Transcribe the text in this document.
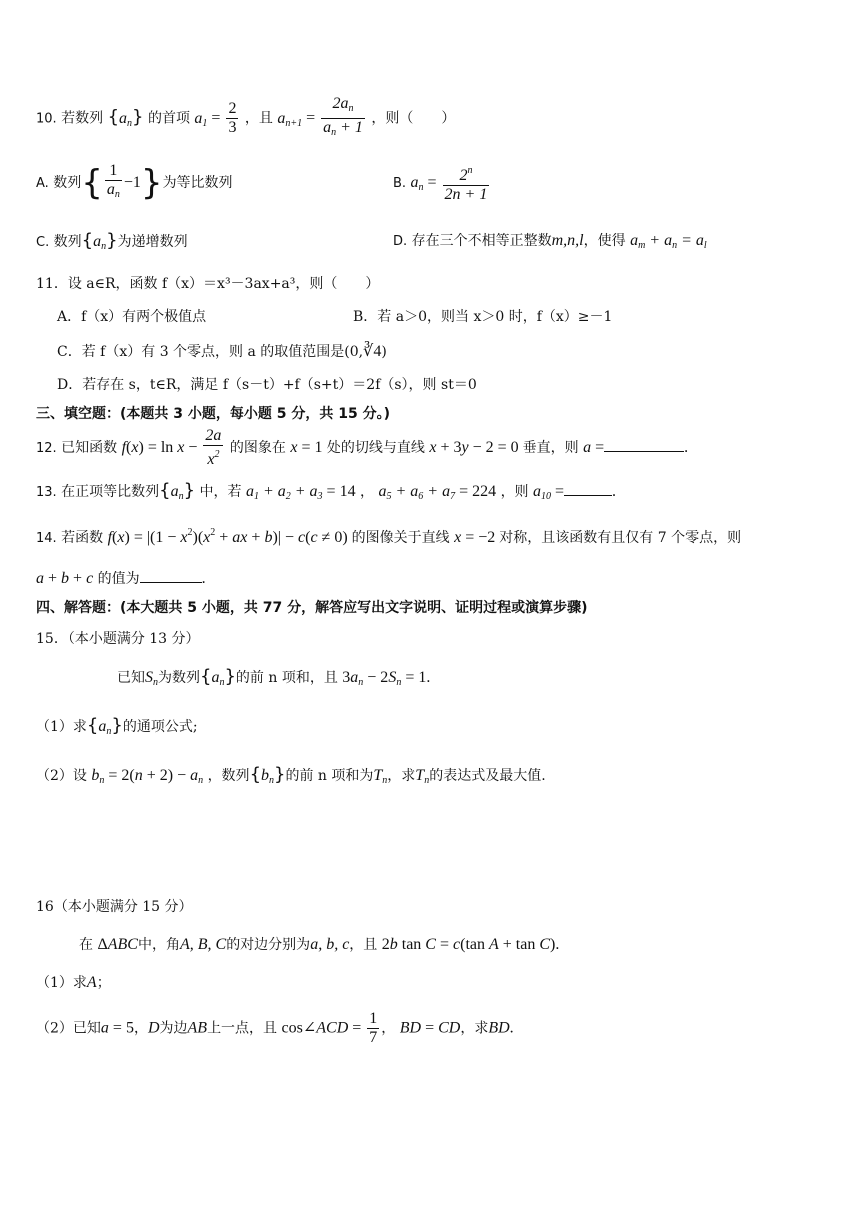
10. 若数列 $\{a_n\}$ 的首项 $a_1 = \frac{2}{3}$ ，且 $a_{n+1} = \frac{2a_n}{a_n + 1}$ ，则（　　）
A. 数列{ $\frac{1}{a_n} -1$}为等比数列	B. $a_n = \frac{2^n}{2n + 1}$
C. 数列$\{a_n\}$为递增数列	D. 存在三个不相等正整数m,n,l，使得 $a_m + a_n = a_l$
11．设 a∈R，函数 f（x）＝x³－3ax+a³，则（　　）
A．f（x）有两个极值点	B．若 a＞0，则当 x＞0 时，f（x）≥－1
C．若 f（x）有 3 个零点，则 a 的取值范围是(0,∛4)
D．若存在 s，t∈R，满足 f（s－t）+f（s+t）＝2f（s），则 st＝0
三、填空题：(本题共 3 小题，每小题 5 分，共 15 分。)
12. 已知函数 $f(x) = \ln x - \frac{2a}{x^2}$ 的图象在 x = 1 处的切线与直线 x + 3y − 2 = 0 垂直，则 a =	.
13. 在正项等比数列$\{a_n\}$ 中，若 $a_1 + a_2 + a_3 = 14$ ， $a_5 + a_6 + a_7 = 224$ ，则 $a_{10}$ =	.
14. 若函数 $f(x) = |(1 - x^2)(x^2$ + ax + b)| − c(c ≠ 0) 的图像关于直线 x = −2 对称，且该函数有且仅有 7 个零点，则
a + b + c 的值为	.
四、解答题：(本大题共 5 小题，共 77 分，解答应写出文字说明、证明过程或演算步骤)
15．（本小题满分 13 分）
已知$S_n$为数列$\{a_n\}$的前 n 项和，且 $3a_n - 2S_n = 1$.
（1）求$\{a_n\}$的通项公式;
（2）设 $b_n = 2(n + 2) - a_n$ ，数列$\{b_n\}$的前 n 项和为$T_n$，求$T_n$的表达式及最大值.
16（本小题满分 15 分）
在 ΔABC中，角A, B, C的对边分别为a, b, c，且 2b tan C = c(tan A + tan C).
（1）求A；
（2）已知a = 5，D为边AB上一点，且 cos∠ACD = $\frac{1}{7}$ ， BD = CD，求BD.
